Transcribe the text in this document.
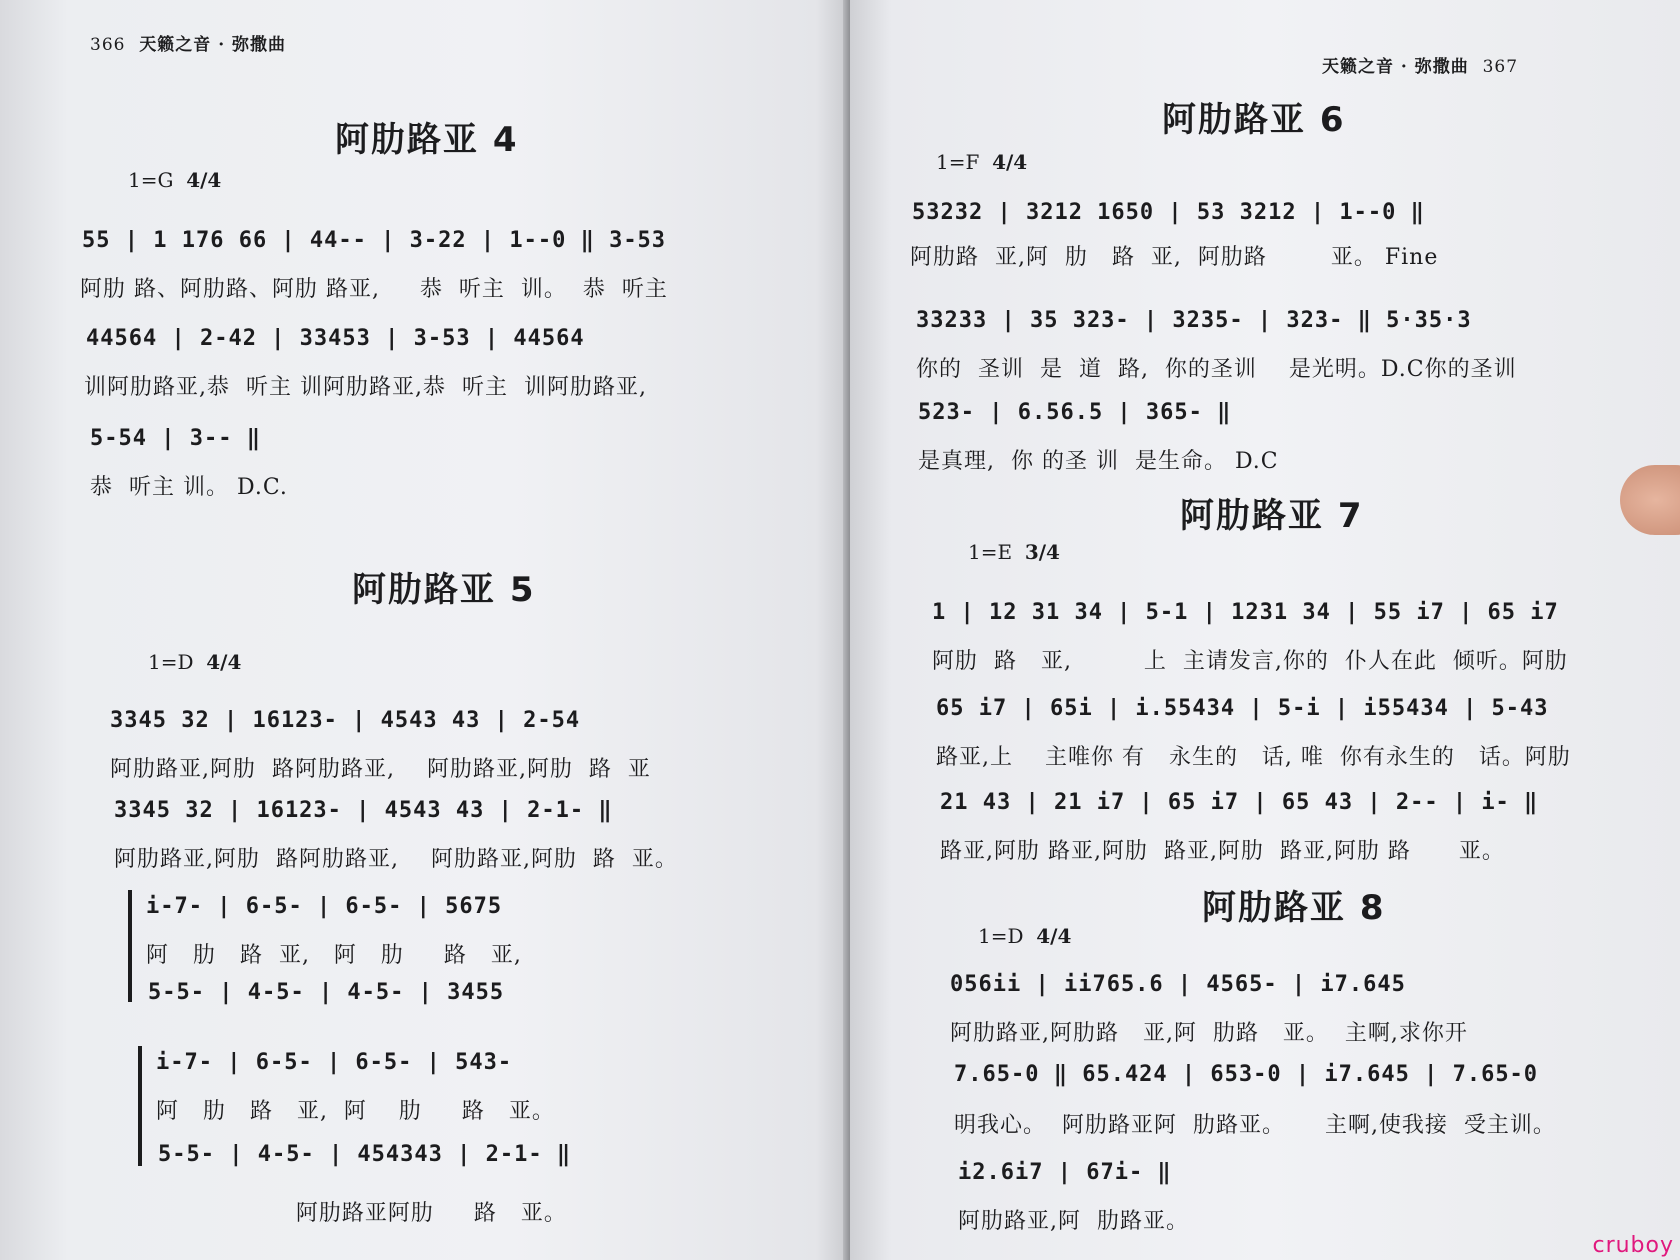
366 天籁之音 · 弥撒曲
阿肋路亚 4
1=G 4/4
55 | 1 176 66 | 44-- | 3-22 | 1--0 ‖ 3-53
阿肋 路、阿肋路、阿肋 路亚,     恭  听主  训。  恭  听主
44564 | 2-42 | 33453 | 3-53 | 44564
训阿肋路亚,恭  听主 训阿肋路亚,恭  听主  训阿肋路亚,
5-54 | 3-- ‖
恭  听主 训。 D.C.
阿肋路亚 5
1=D 4/4
3345 32 | 16123- | 4543 43 | 2-54
阿肋路亚,阿肋  路阿肋路亚,    阿肋路亚,阿肋  路  亚
3345 32 | 16123- | 4543 43 | 2-1- ‖
阿肋路亚,阿肋  路阿肋路亚,    阿肋路亚,阿肋  路  亚。
i-7- | 6-5- | 6-5- | 5675
阿   肋   路  亚,   阿   肋     路   亚,
5-5- | 4-5- | 4-5- | 3455
i-7- | 6-5- | 6-5- | 543-
阿   肋   路   亚,  阿    肋     路   亚。
5-5- | 4-5- | 454343 | 2-1- ‖
阿肋路亚阿肋     路   亚。
天籁之音 · 弥撒曲 367
阿肋路亚 6
1=F 4/4
53232 | 3212 1650 | 53 3212 | 1--0 ‖
阿肋路  亚,阿  肋   路  亚,  阿肋路        亚。 Fine
33233 | 35 323- | 3235- | 323- ‖ 5·35·3
你的  圣训  是  道  路,  你的圣训    是光明。D.C你的圣训
523- | 6.56.5 | 365- ‖
是真理,  你 的圣 训  是生命。 D.C
阿肋路亚 7
1=E 3/4
1 | 12 31 34 | 5-1 | 1231 34 | 55 i7 | 65 i7
阿肋  路   亚,         上  主请发言,你的  仆人在此  倾听。阿肋
65 i7 | 65i | i.55434 | 5-i | i55434 | 5-43
路亚,上    主唯你 有   永生的   话, 唯  你有永生的   话。阿肋
21 43 | 21 i7 | 65 i7 | 65 43 | 2-- | i- ‖
路亚,阿肋 路亚,阿肋  路亚,阿肋  路亚,阿肋 路      亚。
阿肋路亚 8
1=D 4/4
056ii | ii765.6 | 4565- | i7.645
阿肋路亚,阿肋路   亚,阿  肋路   亚。  主啊,求你开
7.65-0 ‖ 65.424 | 653-0 | i7.645 | 7.65-0
明我心。  阿肋路亚阿  肋路亚。     主啊,使我接  受主训。
i2.6i7 | 67i- ‖
阿肋路亚,阿  肋路亚。
cruboy
